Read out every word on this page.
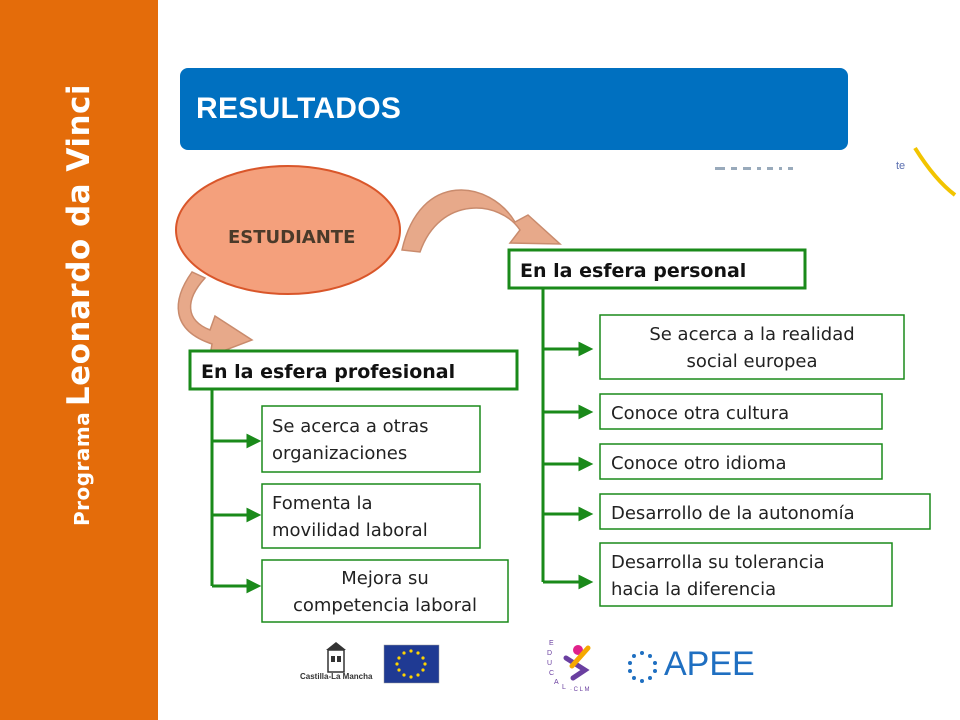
Programa Leonardo da Vinci	RESULTADOS
te
ESTUDIANTE
En la esfera personal
Se acerca a la realidad
social europea
Conoce otra cultura
Conoce otro idioma
Desarrollo de la autonomía
Desarrolla su tolerancia
hacia la diferencia
En la esfera profesional
Se acerca a otras
organizaciones
Fomenta la
movilidad laboral
Mejora su
competencia laboral
E
D
U
C
A
L · C L M
Castilla-La Mancha	APEE
